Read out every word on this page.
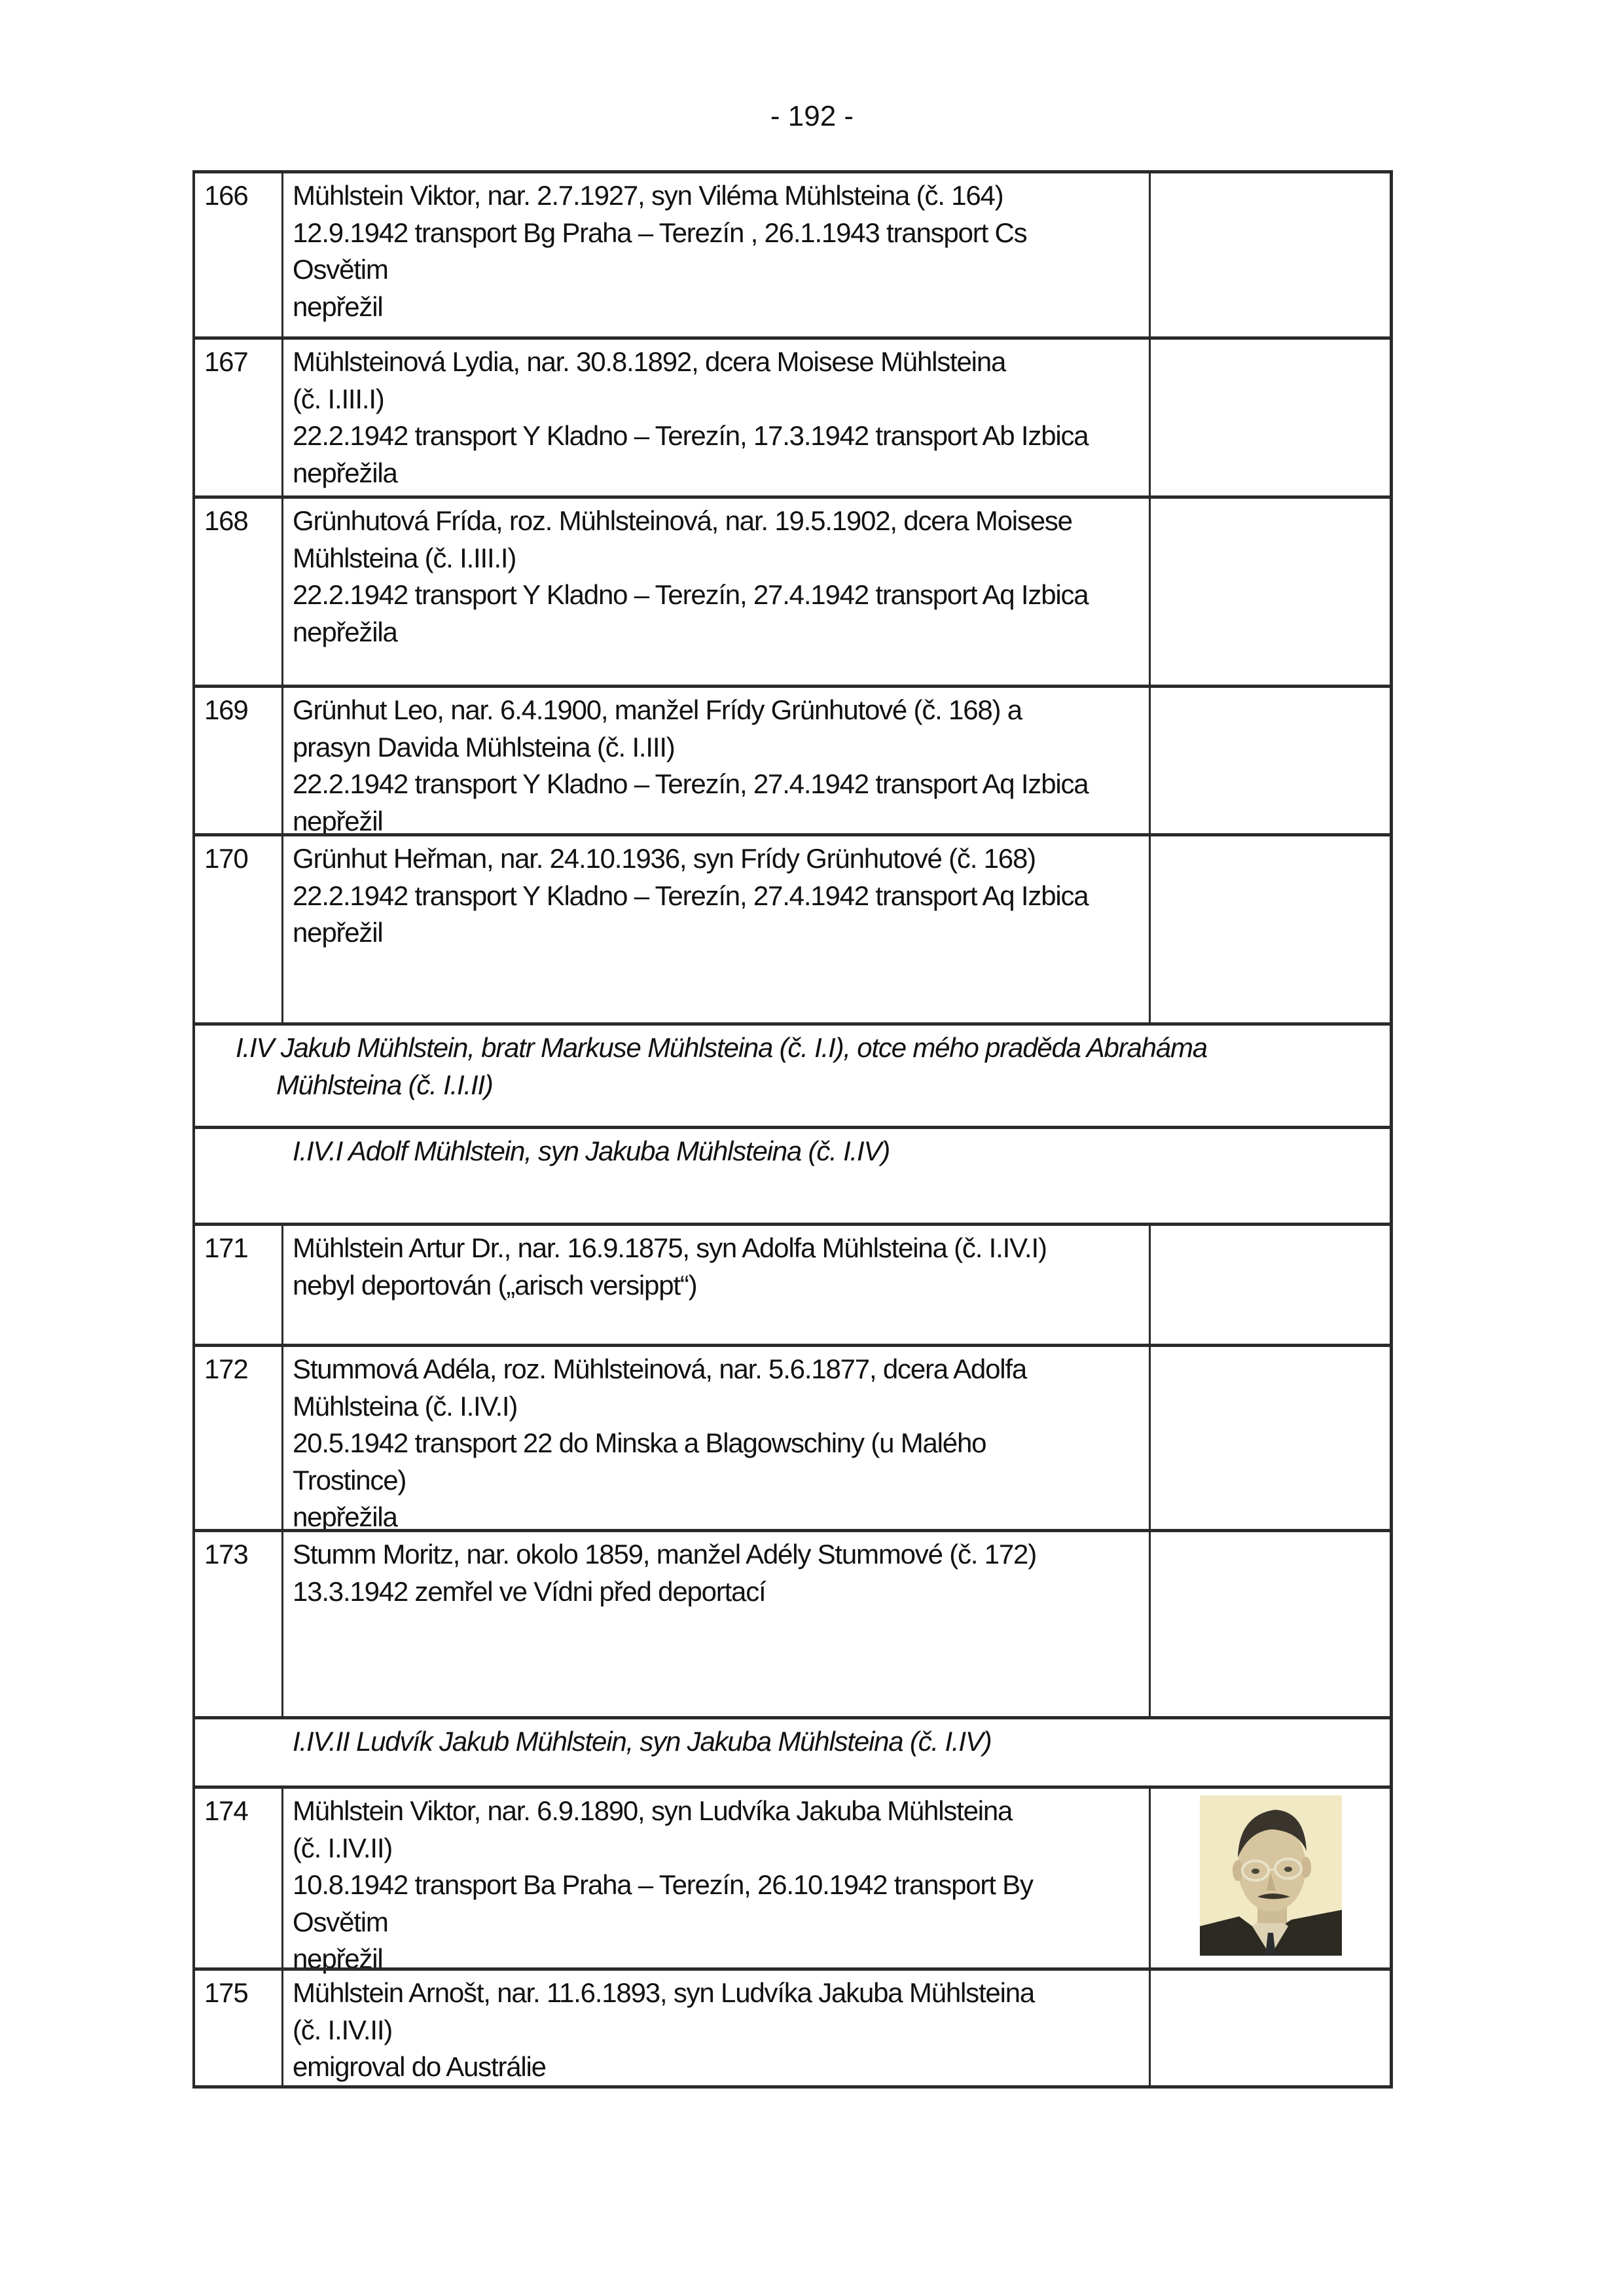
- 192 -
166	Mühlstein Viktor, nar. 2.7.1927, syn Viléma Mühlsteina (č. 164)
12.9.1942 transport Bg Praha – Terezín , 26.1.1943 transport Cs
Osvětim
nepřežil
167	Mühlsteinová Lydia, nar. 30.8.1892, dcera Moisese Mühlsteina
(č. I.III.I)
22.2.1942 transport Y Kladno – Terezín, 17.3.1942 transport Ab Izbica
nepřežila
168	Grünhutová Frída, roz. Mühlsteinová, nar. 19.5.1902, dcera Moisese
Mühlsteina (č. I.III.I)
22.2.1942 transport Y Kladno – Terezín, 27.4.1942 transport Aq Izbica
nepřežila
169	Grünhut Leo, nar. 6.4.1900, manžel Frídy Grünhutové (č. 168) a
prasyn Davida Mühlsteina (č. I.III)
22.2.1942 transport Y Kladno – Terezín, 27.4.1942 transport Aq Izbica
nepřežil
170	Grünhut Heřman, nar. 24.10.1936, syn Frídy Grünhutové (č. 168)
22.2.1942 transport Y Kladno – Terezín, 27.4.1942 transport Aq Izbica
nepřežil
I.IV Jakub Mühlstein, bratr Markuse Mühlsteina (č. I.I), otce mého praděda Abraháma
Mühlsteina (č. I.I.II)
I.IV.I Adolf Mühlstein, syn Jakuba Mühlsteina (č. I.IV)
171	Mühlstein Artur Dr., nar. 16.9.1875, syn Adolfa Mühlsteina (č. I.IV.I)
nebyl deportován („arisch versippt“)
172	Stummová Adéla, roz. Mühlsteinová, nar. 5.6.1877, dcera Adolfa
Mühlsteina (č. I.IV.I)
20.5.1942 transport 22 do Minska a Blagowschiny (u Malého
Trostince)
nepřežila
173	Stumm Moritz, nar. okolo 1859, manžel Adély Stummové (č. 172)
13.3.1942 zemřel ve Vídni před deportací
I.IV.II Ludvík Jakub Mühlstein, syn Jakuba Mühlsteina (č. I.IV)
174	Mühlstein Viktor, nar. 6.9.1890, syn Ludvíka Jakuba Mühlsteina
(č. I.IV.II)
10.8.1942 transport Ba Praha – Terezín, 26.10.1942 transport By
Osvětim
nepřežil
175	Mühlstein Arnošt, nar. 11.6.1893, syn Ludvíka Jakuba Mühlsteina
(č. I.IV.II)
emigroval do Austrálie
